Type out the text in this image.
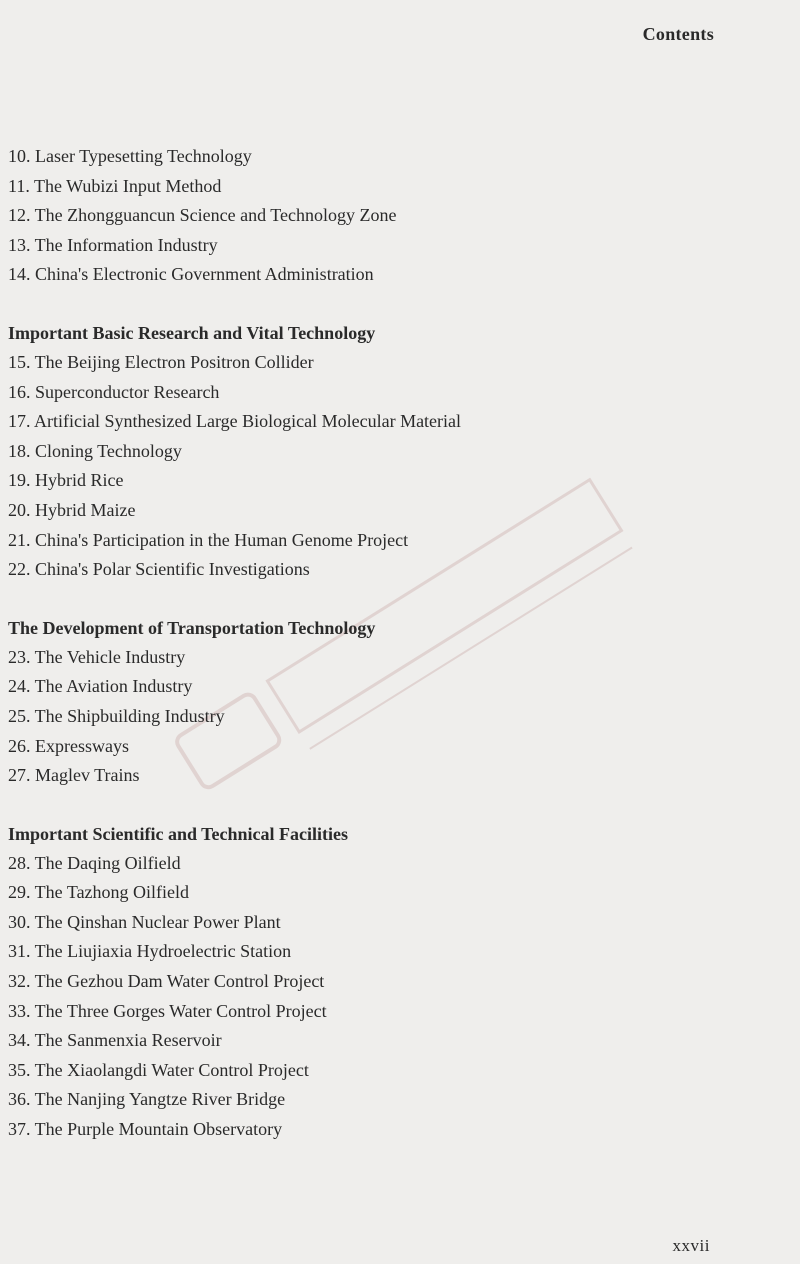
Contents
10. Laser Typesetting Technology
11. The Wubizi Input Method
12. The Zhongguancun Science and Technology Zone
13. The Information Industry
14. China's Electronic Government Administration
Important Basic Research and Vital Technology
15. The Beijing Electron Positron Collider
16. Superconductor Research
17. Artificial Synthesized Large Biological Molecular Material
18. Cloning Technology
19. Hybrid Rice
20. Hybrid Maize
21. China's Participation in the Human Genome Project
22. China's Polar Scientific Investigations
The Development of Transportation Technology
23. The Vehicle Industry
24. The Aviation Industry
25. The Shipbuilding Industry
26. Expressways
27. Maglev Trains
Important Scientific and Technical Facilities
28. The Daqing Oilfield
29. The Tazhong Oilfield
30. The Qinshan Nuclear Power Plant
31. The Liujiaxia Hydroelectric Station
32. The Gezhou Dam Water Control Project
33. The Three Gorges Water Control Project
34. The Sanmenxia Reservoir
35. The Xiaolangdi Water Control Project
36. The Nanjing Yangtze River Bridge
37. The Purple Mountain Observatory
xxvii
